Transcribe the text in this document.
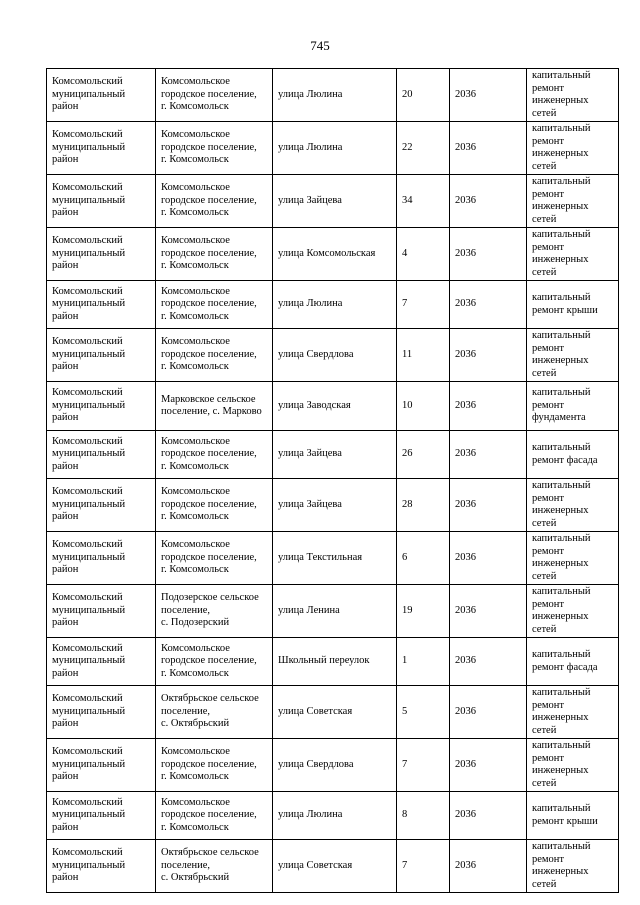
745
Комсомольский
муниципальный
район	Комсомольское
городское поселение,
г. Комсомольск	улица Люлина	20	2036	капитальный
ремонт
инженерных
сетей
Комсомольский
муниципальный
район	Комсомольское
городское поселение,
г. Комсомольск	улица Люлина	22	2036	капитальный
ремонт
инженерных
сетей
Комсомольский
муниципальный
район	Комсомольское
городское поселение,
г. Комсомольск	улица Зайцева	34	2036	капитальный
ремонт
инженерных
сетей
Комсомольский
муниципальный
район	Комсомольское
городское поселение,
г. Комсомольск	улица Комсомольская	4	2036	капитальный
ремонт
инженерных
сетей
Комсомольский
муниципальный
район	Комсомольское
городское поселение,
г. Комсомольск	улица Люлина	7	2036	капитальный
ремонт крыши
Комсомольский
муниципальный
район	Комсомольское
городское поселение,
г. Комсомольск	улица Свердлова	11	2036	капитальный
ремонт
инженерных
сетей
Комсомольский
муниципальный
район	Марковское сельское
поселение, с. Марково	улица Заводская	10	2036	капитальный
ремонт
фундамента
Комсомольский
муниципальный
район	Комсомольское
городское поселение,
г. Комсомольск	улица Зайцева	26	2036	капитальный
ремонт фасада
Комсомольский
муниципальный
район	Комсомольское
городское поселение,
г. Комсомольск	улица Зайцева	28	2036	капитальный
ремонт
инженерных
сетей
Комсомольский
муниципальный
район	Комсомольское
городское поселение,
г. Комсомольск	улица Текстильная	6	2036	капитальный
ремонт
инженерных
сетей
Комсомольский
муниципальный
район	Подозерское сельское
поселение,
с. Подозерский	улица Ленина	19	2036	капитальный
ремонт
инженерных
сетей
Комсомольский
муниципальный
район	Комсомольское
городское поселение,
г. Комсомольск	Школьный переулок	1	2036	капитальный
ремонт фасада
Комсомольский
муниципальный
район	Октябрьское сельское
поселение,
с. Октябрьский	улица Советская	5	2036	капитальный
ремонт
инженерных
сетей
Комсомольский
муниципальный
район	Комсомольское
городское поселение,
г. Комсомольск	улица Свердлова	7	2036	капитальный
ремонт
инженерных
сетей
Комсомольский
муниципальный
район	Комсомольское
городское поселение,
г. Комсомольск	улица Люлина	8	2036	капитальный
ремонт крыши
Комсомольский
муниципальный
район	Октябрьское сельское
поселение,
с. Октябрьский	улица Советская	7	2036	капитальный
ремонт
инженерных
сетей
